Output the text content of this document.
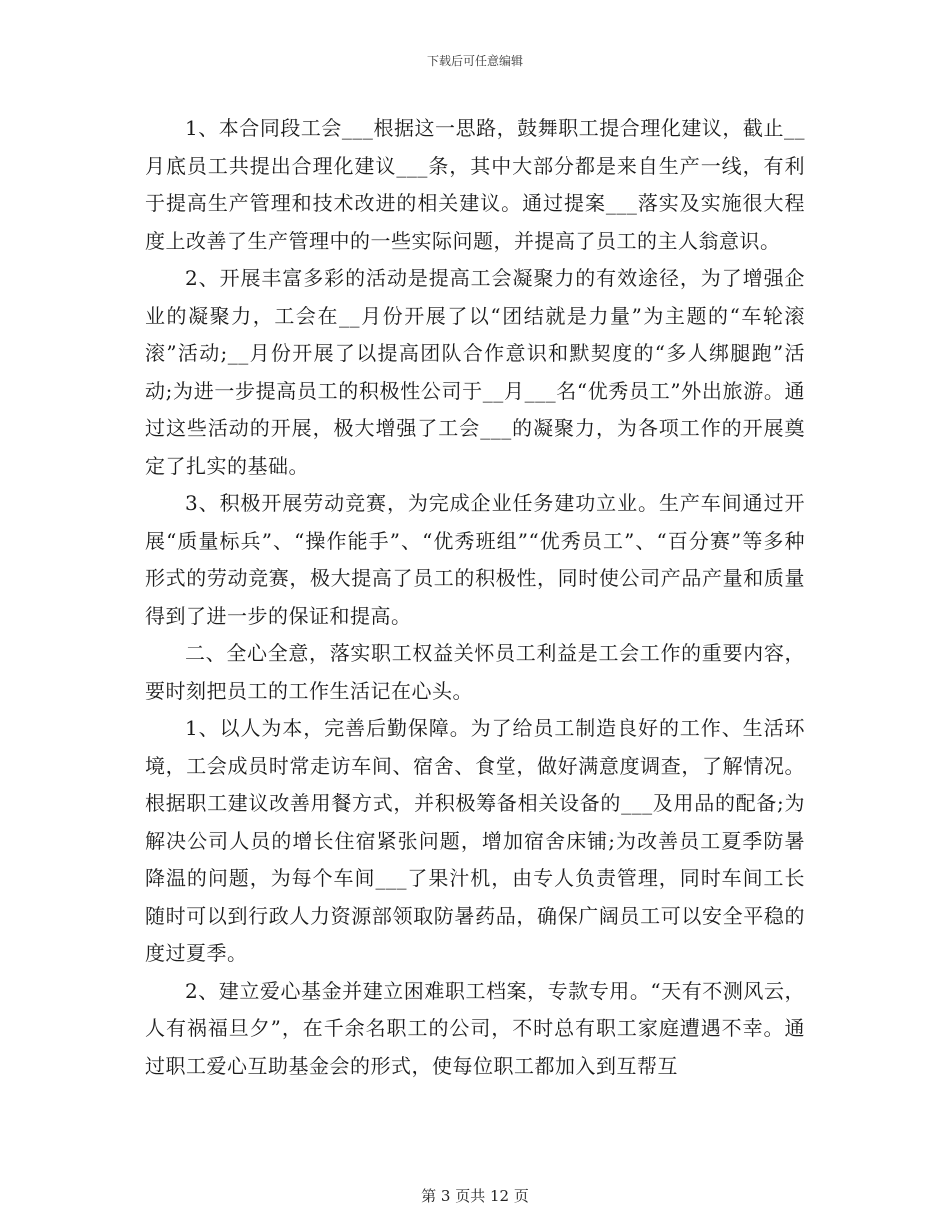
下载后可任意编辑

1、本合同段工会___根据这一思路，鼓舞职工提合理化建议，截止__月底员工共提出合理化建议___条，其中大部分都是来自生产一线，有利于提高生产管理和技术改进的相关建议。通过提案___落实及实施很大程度上改善了生产管理中的一些实际问题，并提高了员工的主人翁意识。

2、开展丰富多彩的活动是提高工会凝聚力的有效途径，为了增强企业的凝聚力，工会在__月份开展了以“团结就是力量”为主题的“车轮滚滚”活动;__月份开展了以提高团队合作意识和默契度的“多人绑腿跑”活动;为进一步提高员工的积极性公司于__月___名“优秀员工”外出旅游。通过这些活动的开展，极大增强了工会___的凝聚力，为各项工作的开展奠定了扎实的基础。

3、积极开展劳动竞赛，为完成企业任务建功立业。生产车间通过开展“质量标兵”、“操作能手”、“优秀班组”“优秀员工”、“百分赛”等多种形式的劳动竞赛，极大提高了员工的积极性，同时使公司产品产量和质量得到了进一步的保证和提高。

二、全心全意，落实职工权益关怀员工利益是工会工作的重要内容，要时刻把员工的工作生活记在心头。

1、以人为本，完善后勤保障。为了给员工制造良好的工作、生活环境，工会成员时常走访车间、宿舍、食堂，做好满意度调查，了解情况。根据职工建议改善用餐方式，并积极筹备相关设备的___及用品的配备;为解决公司人员的增长住宿紧张问题，增加宿舍床铺;为改善员工夏季防暑降温的问题，为每个车间___了果汁机，由专人负责管理，同时车间工长随时可以到行政人力资源部领取防暑药品，确保广阔员工可以安全平稳的度过夏季。

2、建立爱心基金并建立困难职工档案，专款专用。“天有不测风云，人有祸福旦夕”，在千余名职工的公司，不时总有职工家庭遭遇不幸。通过职工爱心互助基金会的形式，使每位职工都加入到互帮互

第 3 页共 12 页
